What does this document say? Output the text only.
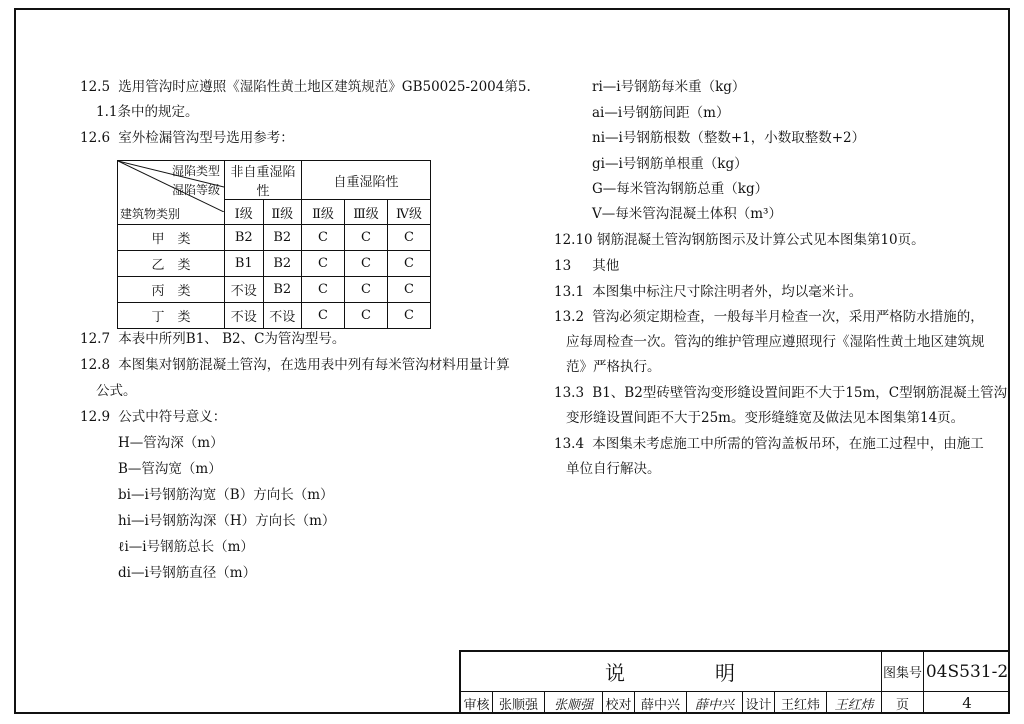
12.5 选用管沟时应遵照《湿陷性黄土地区建筑规范》GB50025-2004第5.
1.1条中的规定。
12.6 室外检漏管沟型号选用参考：
湿陷类型
湿陷等级
建筑物类别	非自重湿陷性		自重湿陷性		
	Ⅰ级	Ⅱ级	Ⅱ级	Ⅲ级	Ⅳ级
甲　类	B2	B2	C	C	C
乙　类	B1	B2	C	C	C
丙　类	不设	B2	C	C	C
丁　类	不设	不设	C	C	C
12.7 本表中所列B1、 B2、C为管沟型号。
12.8 本图集对钢筋混凝土管沟，在选用表中列有每米管沟材料用量计算
公式。
12.9 公式中符号意义：
H—管沟深（m）
B—管沟宽（m）
bi—i号钢筋沟宽（B）方向长（m）
hi—i号钢筋沟深（H）方向长（m）
ℓi—i号钢筋总长（m）
di—i号钢筋直径（m）
ri—i号钢筋每米重（kg）
ai—i号钢筋间距（m）
ni—i号钢筋根数（整数+1，小数取整数+2）
gi—i号钢筋单根重（kg）
G—每米管沟钢筋总重（kg）
V—每米管沟混凝土体积（m³）
12.10 钢筋混凝土管沟钢筋图示及计算公式见本图集第10页。
13 其他
13.1 本图集中标注尺寸除注明者外，均以毫米计。
13.2 管沟必须定期检查，一般每半月检查一次，采用严格防水措施的，
应每周检查一次。管沟的维护管理应遵照现行《湿陷性黄土地区建筑规
范》严格执行。
13.3 B1、B2型砖壁管沟变形缝设置间距不大于15m，C型钢筋混凝土管沟
变形缝设置间距不大于25m。变形缝缝宽及做法见本图集第14页。
13.4 本图集未考虑施工中所需的管沟盖板吊环，在施工过程中，由施工
单位自行解决。
说　　　　明	图集号 04S531-2
审核 张顺强	张顺强 校对 薛中兴	薛中兴 设计 王红炜	王红炜	页	4
